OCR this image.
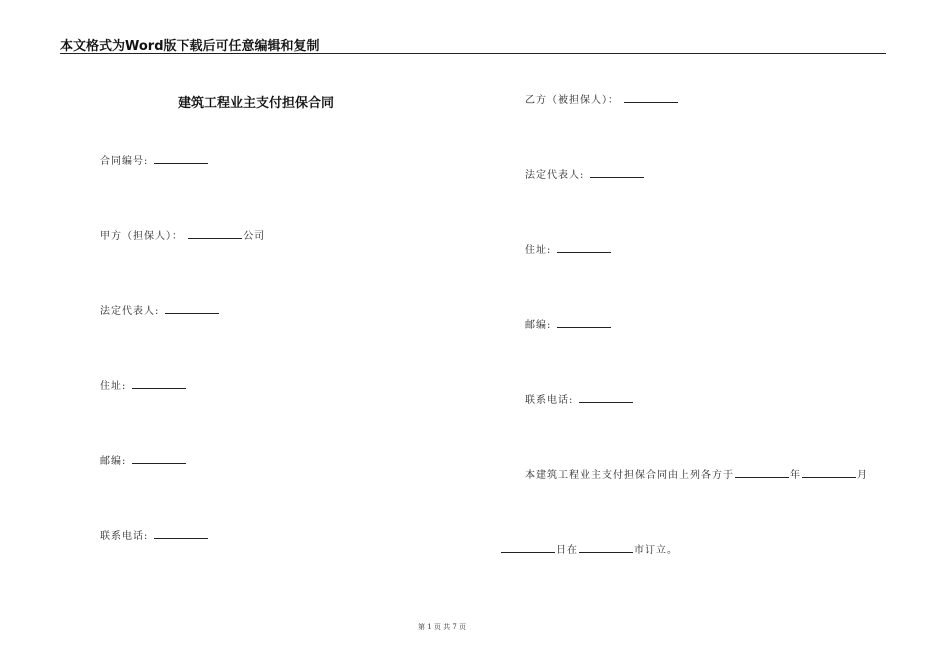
本文格式为Word版下载后可任意编辑和复制
建筑工程业主支付担保合同
合同编号:
甲方（担保人）：	公司
法定代表人:
住址:
邮编:
联系电话:
乙方（被担保人）：
法定代表人:
住址:
邮编:
联系电话:
本建筑工程业主支付担保合同由上列各方于	年	月
日在	市订立。
第 1 页 共 7 页
